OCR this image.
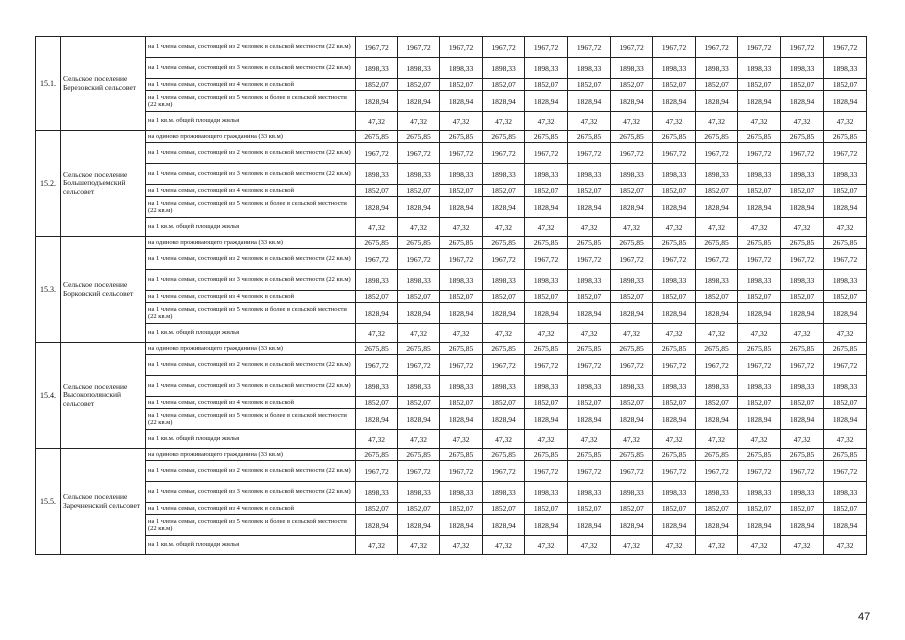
15.1.	Сельское поселение Березовский сельсовет	на 1 члена семьи, состоящей из 2 человек в сельской местности (22 кв.м)	1967,72	1967,72	1967,72	1967,72	1967,72	1967,72	1967,72	1967,72	1967,72	1967,72	1967,72	1967,72
		на 1 члена семьи, состоящей из 3 человек в сельской местности (22 кв.м)	1898,33	1898,33	1898,33	1898,33	1898,33	1898,33	1898,33	1898,33	1898,33	1898,33	1898,33	1898,33
		на 1 члена семьи, состоящей из 4 человек в сельской	1852,07	1852,07	1852,07	1852,07	1852,07	1852,07	1852,07	1852,07	1852,07	1852,07	1852,07	1852,07
		на 1 члена семьи, состоящей из 5 человек и более в сельской местности (22 кв.м)	1828,94	1828,94	1828,94	1828,94	1828,94	1828,94	1828,94	1828,94	1828,94	1828,94	1828,94	1828,94
		на 1 кв.м. общей площади жилья	47,32	47,32	47,32	47,32	47,32	47,32	47,32	47,32	47,32	47,32	47,32	47,32
15.2.	Сельское поселение Большеподъемский сельсовет	на одиноко проживающего гражданина (33 кв.м)	2675,85	2675,85	2675,85	2675,85	2675,85	2675,85	2675,85	2675,85	2675,85	2675,85	2675,85	2675,85
		на 1 члена семьи, состоящей из 2 человек в сельской местности (22 кв.м)	1967,72	1967,72	1967,72	1967,72	1967,72	1967,72	1967,72	1967,72	1967,72	1967,72	1967,72	1967,72
		на 1 члена семьи, состоящей из 3 человек в сельской местности (22 кв.м)	1898,33	1898,33	1898,33	1898,33	1898,33	1898,33	1898,33	1898,33	1898,33	1898,33	1898,33	1898,33
		на 1 члена семьи, состоящей из 4 человек в сельской	1852,07	1852,07	1852,07	1852,07	1852,07	1852,07	1852,07	1852,07	1852,07	1852,07	1852,07	1852,07
		на 1 члена семьи, состоящей из 5 человек и более в сельской местности (22 кв.м)	1828,94	1828,94	1828,94	1828,94	1828,94	1828,94	1828,94	1828,94	1828,94	1828,94	1828,94	1828,94
		на 1 кв.м. общей площади жилья	47,32	47,32	47,32	47,32	47,32	47,32	47,32	47,32	47,32	47,32	47,32	47,32
15.3.	Сельское поселение Борковский сельсовет	на одиноко проживающего гражданина (33 кв.м)	2675,85	2675,85	2675,85	2675,85	2675,85	2675,85	2675,85	2675,85	2675,85	2675,85	2675,85	2675,85
		на 1 члена семьи, состоящей из 2 человек в сельской местности (22 кв.м)	1967,72	1967,72	1967,72	1967,72	1967,72	1967,72	1967,72	1967,72	1967,72	1967,72	1967,72	1967,72
		на 1 члена семьи, состоящей из 3 человек в сельской местности (22 кв.м)	1898,33	1898,33	1898,33	1898,33	1898,33	1898,33	1898,33	1898,33	1898,33	1898,33	1898,33	1898,33
		на 1 члена семьи, состоящей из 4 человек в сельской	1852,07	1852,07	1852,07	1852,07	1852,07	1852,07	1852,07	1852,07	1852,07	1852,07	1852,07	1852,07
		на 1 члена семьи, состоящей из 5 человек и более в сельской местности (22 кв.м)	1828,94	1828,94	1828,94	1828,94	1828,94	1828,94	1828,94	1828,94	1828,94	1828,94	1828,94	1828,94
		на 1 кв.м. общей площади жилья	47,32	47,32	47,32	47,32	47,32	47,32	47,32	47,32	47,32	47,32	47,32	47,32
15.4.	Сельское поселение Высокополянский сельсовет	на одиноко проживающего гражданина (33 кв.м)	2675,85	2675,85	2675,85	2675,85	2675,85	2675,85	2675,85	2675,85	2675,85	2675,85	2675,85	2675,85
		на 1 члена семьи, состоящей из 2 человек в сельской местности (22 кв.м)	1967,72	1967,72	1967,72	1967,72	1967,72	1967,72	1967,72	1967,72	1967,72	1967,72	1967,72	1967,72
		на 1 члена семьи, состоящей из 3 человек в сельской местности (22 кв.м)	1898,33	1898,33	1898,33	1898,33	1898,33	1898,33	1898,33	1898,33	1898,33	1898,33	1898,33	1898,33
		на 1 члена семьи, состоящей из 4 человек в сельской	1852,07	1852,07	1852,07	1852,07	1852,07	1852,07	1852,07	1852,07	1852,07	1852,07	1852,07	1852,07
		на 1 члена семьи, состоящей из 5 человек и более в сельской местности (22 кв.м)	1828,94	1828,94	1828,94	1828,94	1828,94	1828,94	1828,94	1828,94	1828,94	1828,94	1828,94	1828,94
		на 1 кв.м. общей площади жилья	47,32	47,32	47,32	47,32	47,32	47,32	47,32	47,32	47,32	47,32	47,32	47,32
15.5.	Сельское поселение Заречненский сельсовет	на одиноко проживающего гражданина (33 кв.м)	2675,85	2675,85	2675,85	2675,85	2675,85	2675,85	2675,85	2675,85	2675,85	2675,85	2675,85	2675,85
		на 1 члена семьи, состоящей из 2 человек в сельской местности (22 кв.м)	1967,72	1967,72	1967,72	1967,72	1967,72	1967,72	1967,72	1967,72	1967,72	1967,72	1967,72	1967,72
		на 1 члена семьи, состоящей из 3 человек в сельской местности (22 кв.м)	1898,33	1898,33	1898,33	1898,33	1898,33	1898,33	1898,33	1898,33	1898,33	1898,33	1898,33	1898,33
		на 1 члена семьи, состоящей из 4 человек в сельской	1852,07	1852,07	1852,07	1852,07	1852,07	1852,07	1852,07	1852,07	1852,07	1852,07	1852,07	1852,07
		на 1 члена семьи, состоящей из 5 человек и более в сельской местности (22 кв.м)	1828,94	1828,94	1828,94	1828,94	1828,94	1828,94	1828,94	1828,94	1828,94	1828,94	1828,94	1828,94
		на 1 кв.м. общей площади жилья	47,32	47,32	47,32	47,32	47,32	47,32	47,32	47,32	47,32	47,32	47,32	47,32
47
